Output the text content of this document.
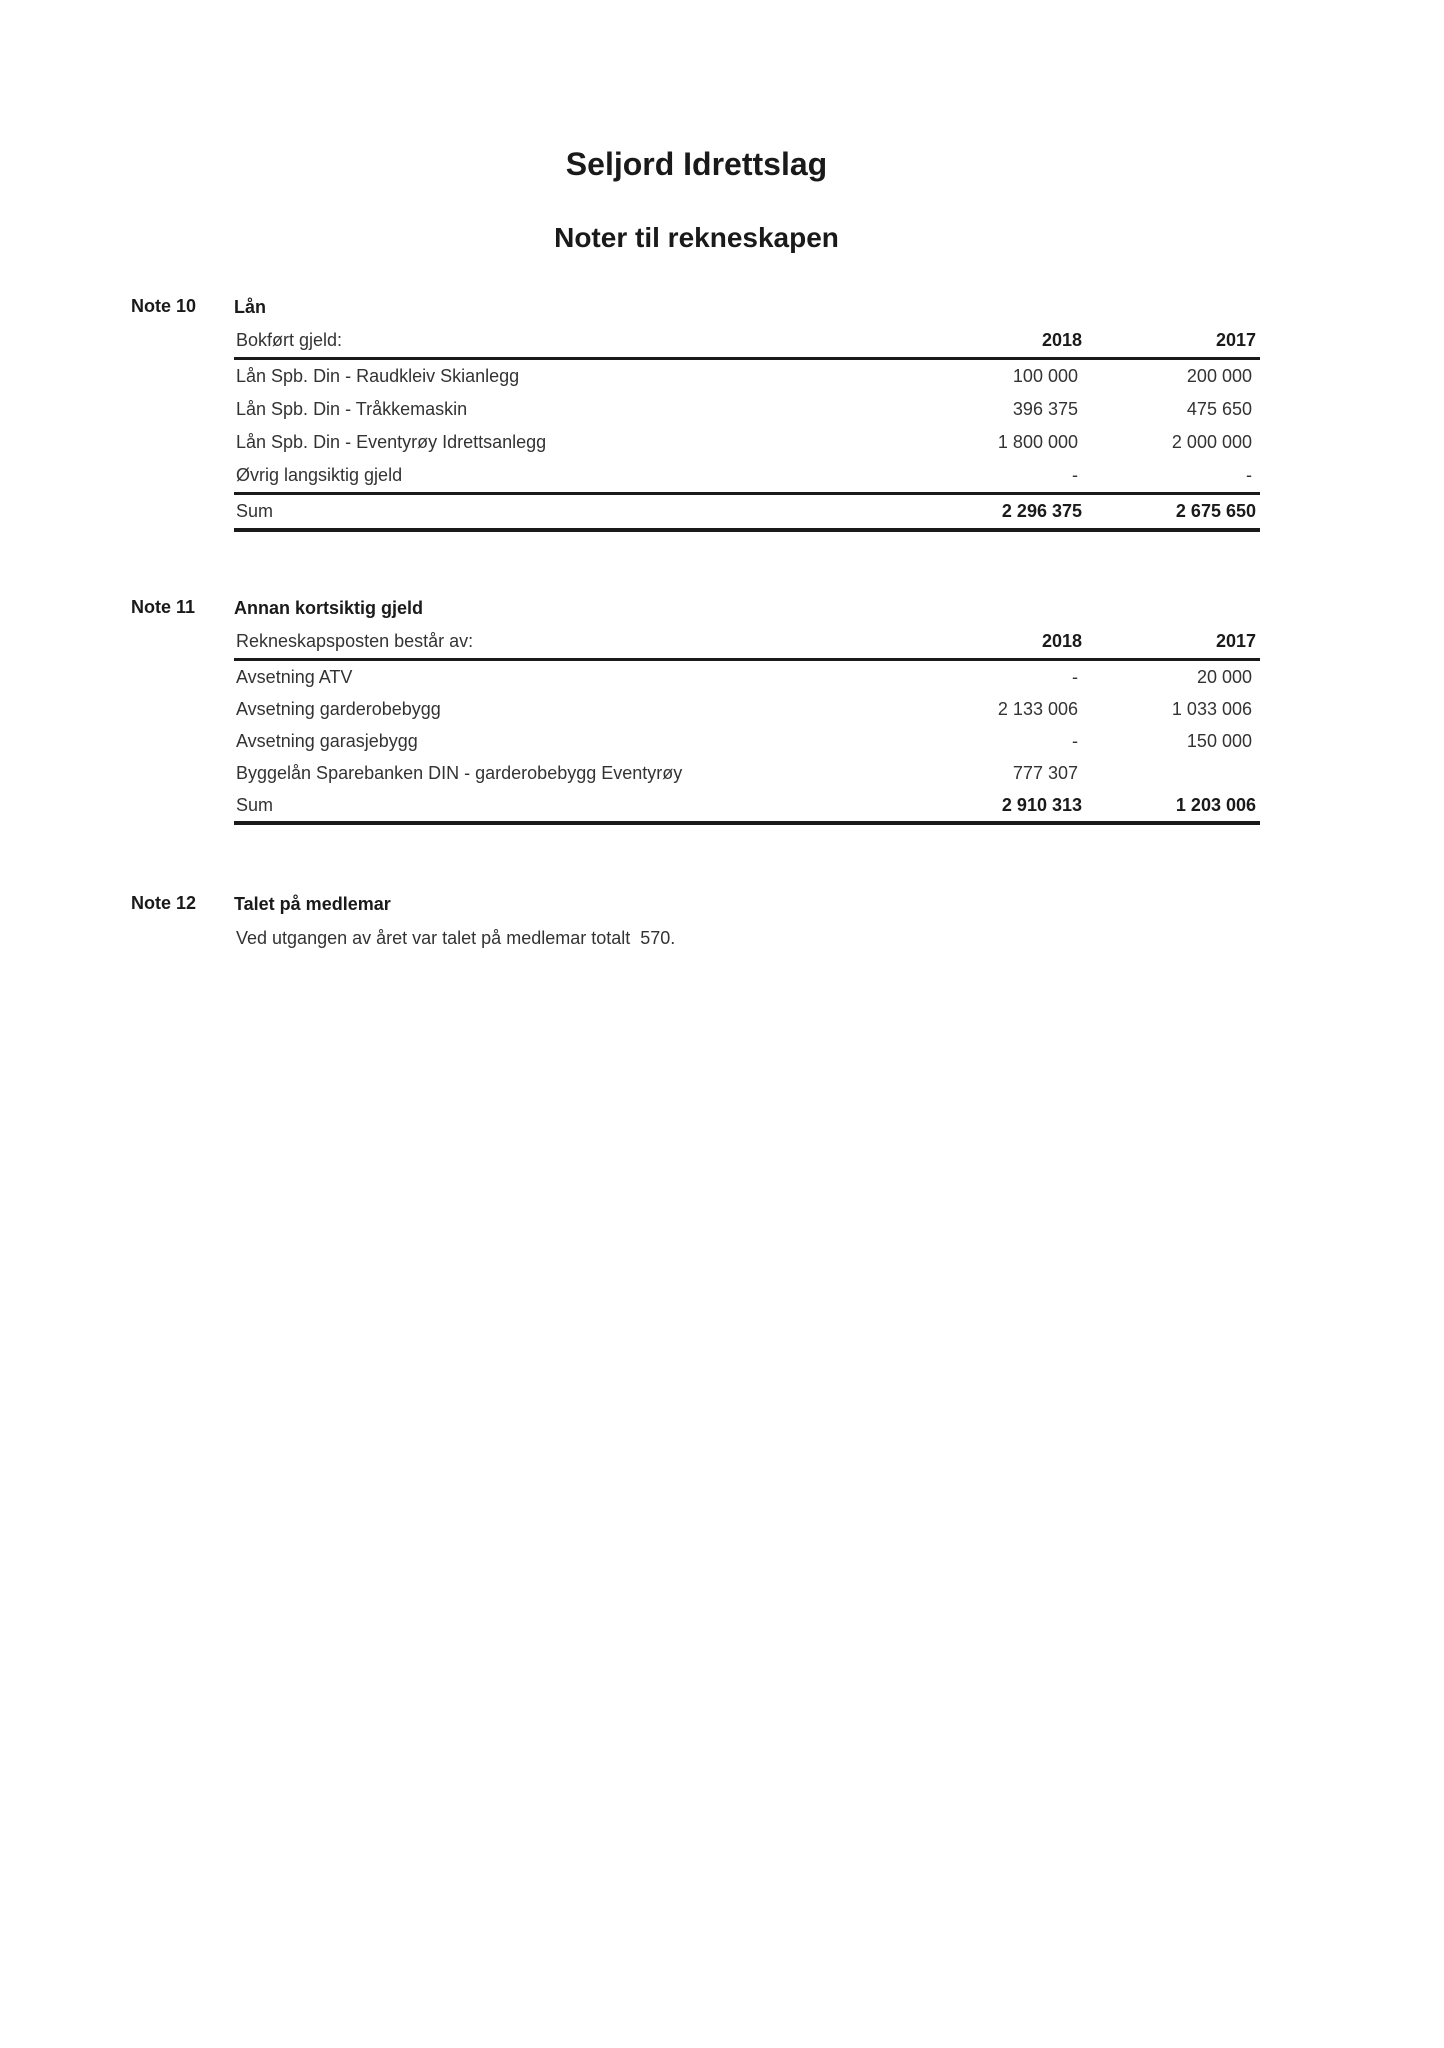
Seljord Idrettslag
Noter til rekneskapen
Note 10 Lån
Bokført gjeld:	2018	2017
Lån Spb. Din - Raudkleiv Skianlegg	100 000	200 000
Lån Spb. Din - Tråkkemaskin	396 375	475 650
Lån Spb. Din - Eventyrøy Idrettsanlegg	1 800 000	2 000 000
Øvrig langsiktig gjeld	-	-
Sum	2 296 375	2 675 650
Note 11 Annan kortsiktig gjeld
Rekneskapsposten består av:	2018	2017
Avsetning ATV	-	20 000
Avsetning garderobebygg	2 133 006	1 033 006
Avsetning garasjebygg	-	150 000
Byggelån Sparebanken DIN - garderobebygg Eventyrøy	777 307
Sum	2 910 313	1 203 006
Note 12 Talet på medlemar
Ved utgangen av året var talet på medlemar totalt  570.
